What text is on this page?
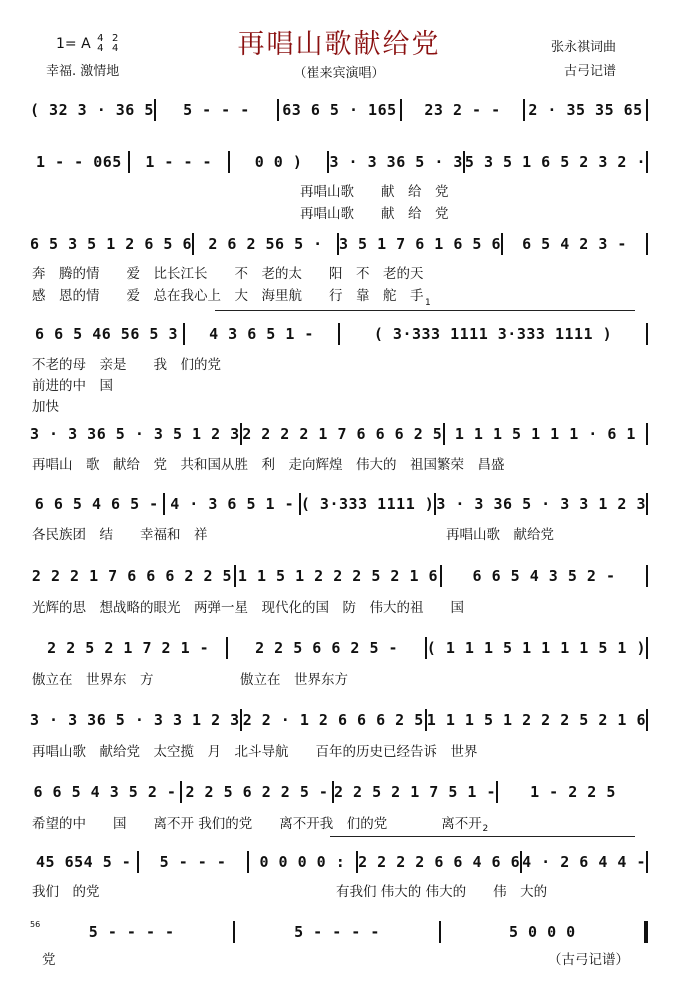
1= A 4
4 2
4	再唱山歌献给党
（崔来宾演唱）
幸福. 激情地
张永祺词曲
古弓记谱
( 32 3 · 36 5	5 - - -	63 6 5 · 165	23 2 - -	2 · 35 35 65
1 - - 065	1 - - -	0 0 )	3 · 3 36 5 · 3 5 3 5 1 6 5 2 3 2 ·
再唱山歌　　献　给　党
再唱山歌　　献　给　党
6 5 3 5 1 2 6 5 6	2 6 2 56 5 ·	3 5 1 7 6 1 6 5 6	6 5 4 2 3 -
奔　腾的情　　爱　比长江长　　不　老的太　　阳　不　老的天
感　恩的情　　爱　总在我心上　大　海里航　　行　靠　舵　手 1
6 6 5 46 56 5 3	4 3 6 5 1 -	( 3·333 1111 3·333 1111 )
不老的母　亲是　　我　们的党
前进的中　国
加快
3 · 3 36 5 · 3 5 1 2 3 2 2 2 2 1 7 6 6 6 2 5 1 1 1 5 1 1 1 · 6 1
再唱山　歌　献给　党　共和国从胜　利　走向辉煌　伟大的　祖国繁荣　昌盛
6 6 5 4 6 5 - 4 · 3 6 5 1 - ( 3·333 1111 ) 3 · 3 36 5 · 3 3 1 2 3
各民族团　结　　幸福和　祥	再唱山歌　献给党
2 2 2 1 7 6 6 6 2 2 5 1 1 5 1 2 2 2 5 2 1 6	6 6 5 4 3 5 2 -
光辉的思　想战略的眼光　两弹一星　现代化的国　防　伟大的祖　　国
2 2 5 2 1 7 2 1 -	2 2 5 6 6 2 5 -	( 1 1 1 5 1 1 1 1 5 1 )
傲立在　世界东　方	傲立在　世界东方
3 · 3 36 5 · 3 3 1 2 3 2 2 · 1 2 6 6 6 2 5 1 1 1 5 1 2 2 2 5 2 1 6
再唱山歌　献给党　太空揽　月　北斗导航　　百年的历史已经告诉　世界
6 6 5 4 3 5 2 - 2 2 5 6 2 2 5 - 2 2 5 2 1 7 5 1 -	1 - 2 2 5
希望的中　　国　　离不开 我们的党　　离不开我　们的党　　　　离不开 2
45 654 5 -	5 - - -	0 0 0 0 : 2 2 2 2 6 6 4 6 6 4 · 2 6 4 4 -
我们　的党	有我们 伟大的 伟大的　　伟　大的
56	5 - - - -	5 - - - -	5 0 0 0
党	（古弓记谱）
